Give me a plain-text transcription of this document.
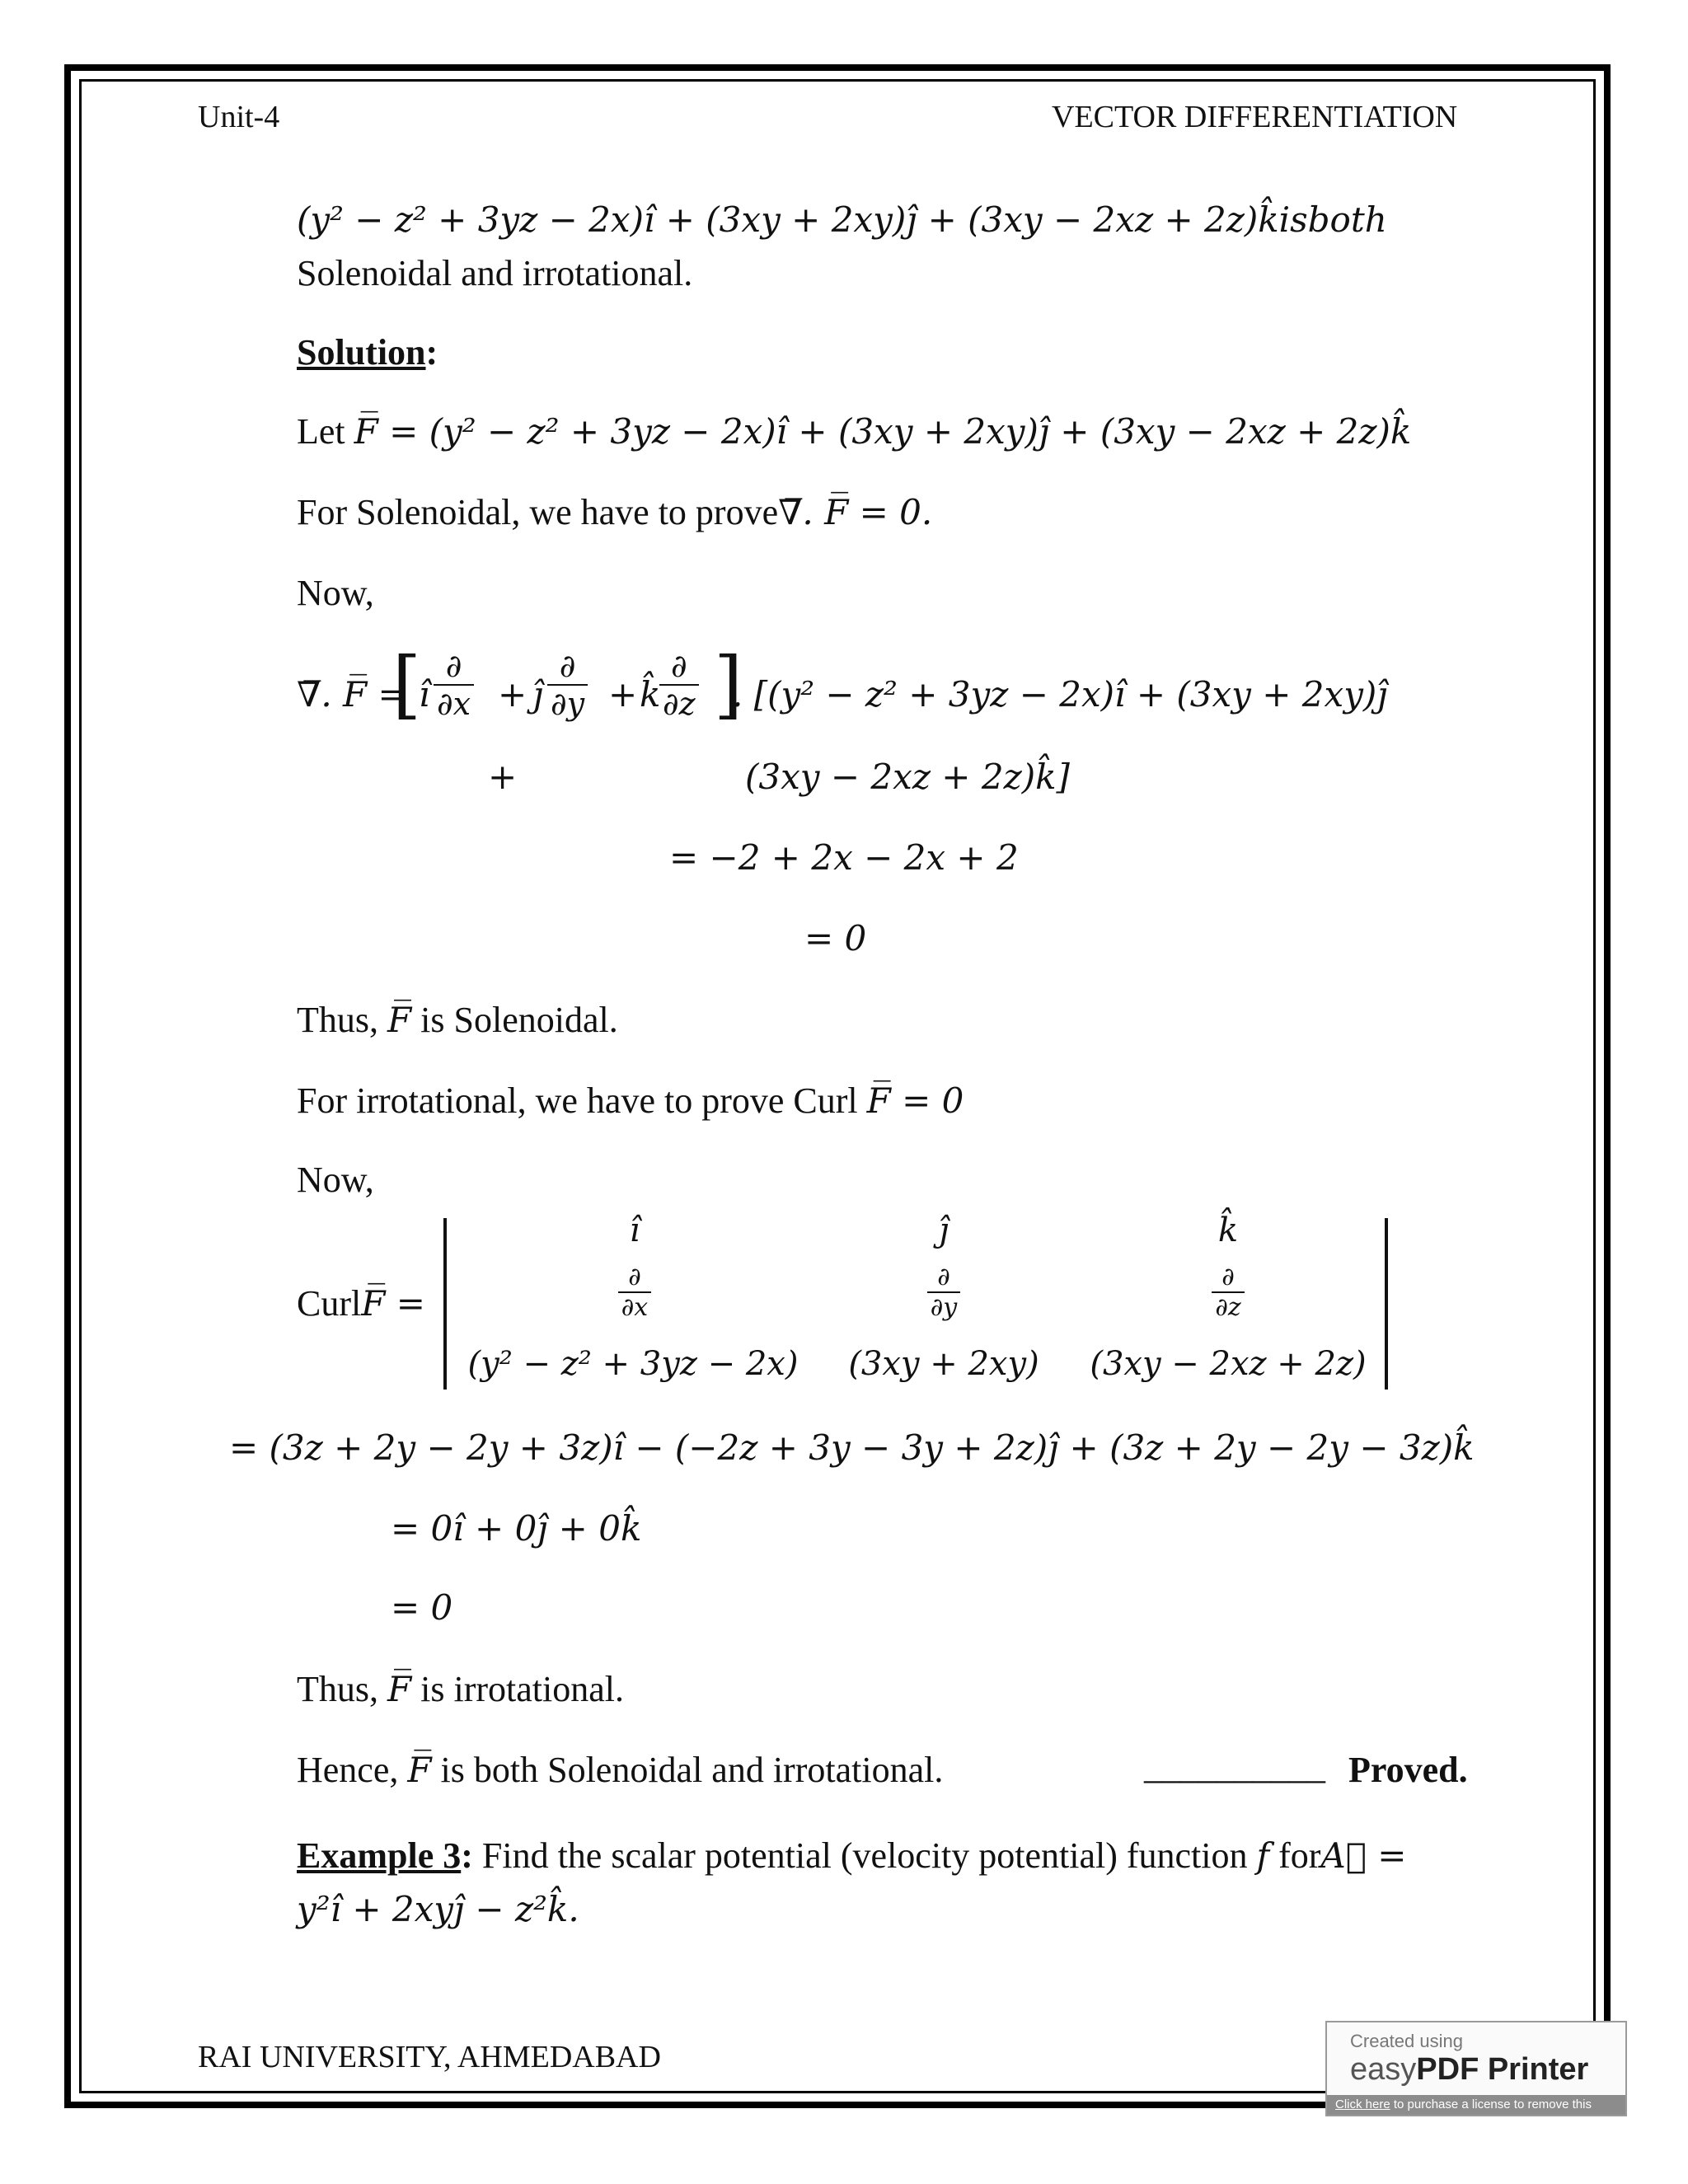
Unit-4	VECTOR DIFFERENTIATION
(y² − z² + 3yz − 2x)î + (3xy + 2xy)ĵ + (3xy − 2xz + 2z)k̂isboth
Solenoidal and irrotational.
Solution:
Let F̅ = (y² − z² + 3yz − 2x)î + (3xy + 2xy)ĵ + (3xy − 2xz + 2z)k̂
For Solenoidal, we have to prove∇̅. F̅ = 0.
Now,
∇̅. F̅ =
[
î $\frac{\partial}{\partial x}$ + ĵ $\frac{\partial}{\partial y}$ + k̂
$\frac{\partial}{\partial z}$ ]
. [(y² − z² + 3yz − 2x)î + (3xy + 2xy)ĵ
+	(3xy − 2xz + 2z)k̂]
= −2 + 2x − 2x + 2
= 0
Thus, F̅ is Solenoidal.
For irrotational, we have to prove Curl F̅ = 0
Now,
CurlF̅ =
î	ĵ	k̂
$\frac{\partial}{\partial x}$	$\frac{\partial}{\partial y}$	$\frac{\partial}{\partial z}$
(y² − z² + 3yz − 2x)	(3xy + 2xy)	(3xy − 2xz + 2z)
= (3z + 2y − 2y + 3z)î − (−2z + 3y − 3y + 2z)ĵ + (3z + 2y − 2y − 3z)k̂
= 0î + 0ĵ + 0k̂
= 0
Thus, F̅ is irrotational.
Hence, F̅ is both Solenoidal and irrotational.	__________ Proved.
Example 3: Find the scalar potential (velocity potential) function f forA⃗ =
y²î + 2xyĵ − z²k̂.
RAI UNIVERSITY, AHMEDABAD	Created using
easyPDF Printer
Click here to purchase a license to remove this image
